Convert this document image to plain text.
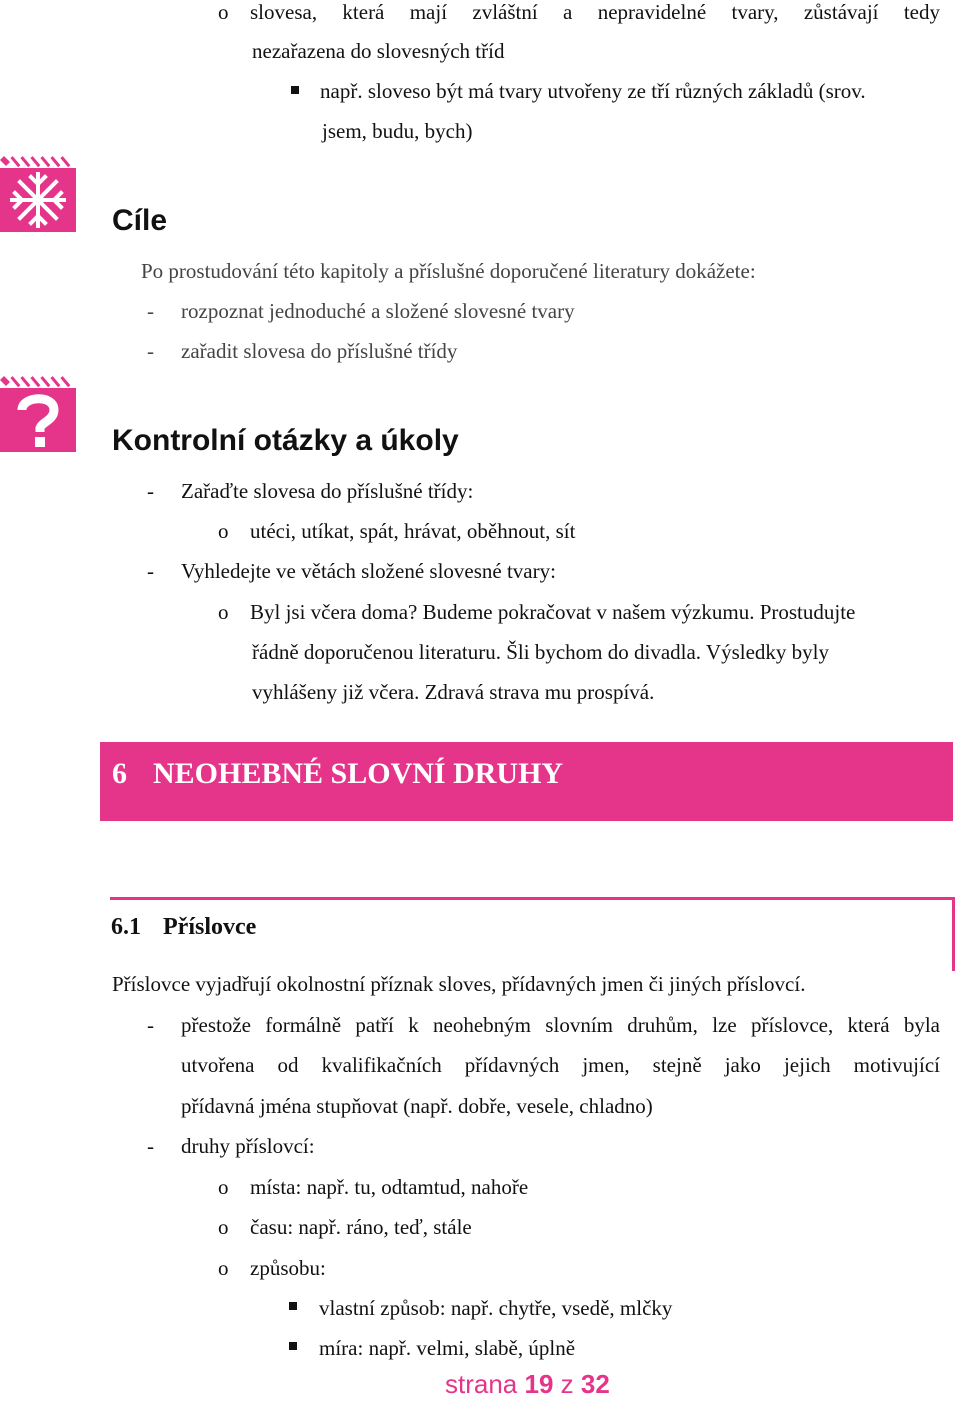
o slovesa, která mají zvláštní a nepravidelné tvary, zůstávají tedy
nezařazena do slovesných tříd
např. sloveso být má tvary utvořeny ze tří různých základů (srov.
jsem, budu, bych)
Cíle
Po prostudování této kapitoly a příslušné doporučené literatury dokážete:
- rozpoznat jednoduché a složené slovesné tvary
- zařadit slovesa do příslušné třídy
Kontrolní otázky a úkoly
- Zařaďte slovesa do příslušné třídy:
o utéci, utíkat, spát, hrávat, oběhnout, sít
- Vyhledejte ve větách složené slovesné tvary:
o Byl jsi včera doma? Budeme pokračovat v našem výzkumu. Prostudujte
řádně doporučenou literaturu. Šli bychom do divadla. Výsledky byly
vyhlášeny již včera. Zdravá strava mu prospívá.
6 NEOHEBNÉ SLOVNÍ DRUHY
6.1 Příslovce
Příslovce vyjadřují okolnostní příznak sloves, přídavných jmen či jiných příslovcí.
- přestože formálně patří k neohebným slovním druhům, lze příslovce, která byla
utvořena od kvalifikačních přídavných jmen, stejně jako jejich motivující
přídavná jména stupňovat (např. dobře, vesele, chladno)
- druhy příslovcí:
o místa: např. tu, odtamtud, nahoře
o času: např. ráno, teď, stále
o způsobu:
vlastní způsob: např. chytře, vsedě, mlčky
míra: např. velmi, slabě, úplně
strana 19 z 32
